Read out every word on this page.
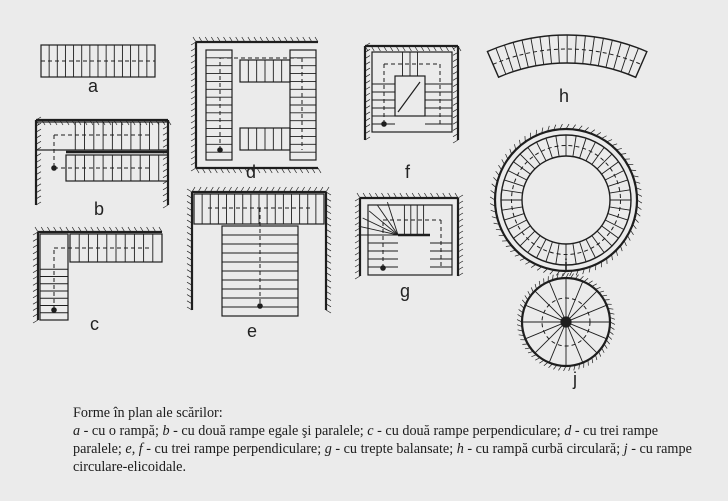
a
b
c
d
e
f
g
h
i
j
Forme în plan ale scărilor:
a - cu o rampă; b - cu două rampe egale şi paralele; c - cu două rampe perpendiculare; d - cu trei rampe paralele; e, f - cu trei rampe perpendiculare; g - cu trepte balansate; h - cu rampă curbă circulară; j - cu rampe circulare-elicoidale.
